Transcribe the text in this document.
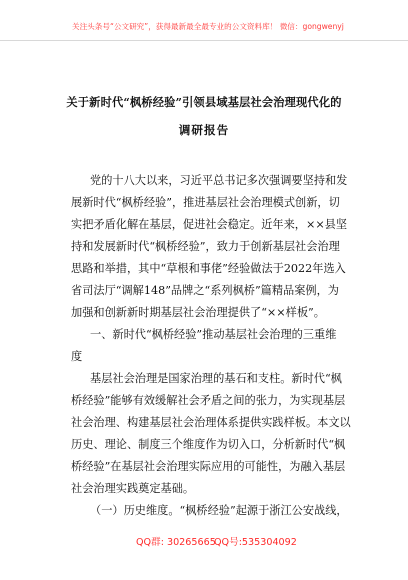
关注头条号“公文研究”，获得最新最全最专业的公文资料库！ 微信：gongwenyj
关于新时代“枫桥经验”引领县域基层社会治理现代化的
调研报告
党的十八大以来，习近平总书记多次强调要坚持和发
展新时代“枫桥经验”，推进基层社会治理模式创新，切
实把矛盾化解在基层，促进社会稳定。近年来，××县坚
持和发展新时代“枫桥经验”，致力于创新基层社会治理
思路和举措，其中“草根和事佬”经验做法于2022年选入
省司法厅“调解148”品牌之“系列枫桥”篇精品案例，为
加强和创新新时期基层社会治理提供了“××样板”。
一、新时代“枫桥经验”推动基层社会治理的三重维
度
基层社会治理是国家治理的基石和支柱。新时代“枫
桥经验”能够有效缓解社会矛盾之间的张力，为实现基层
社会治理、构建基层社会治理体系提供实践样板。本文以
历史、理论、制度三个维度作为切入口，分析新时代“枫
桥经验”在基层社会治理实际应用的可能性，为融入基层
社会治理实践奠定基础。
（一）历史维度。“枫桥经验”起源于浙江公安战线，
QQ群: 30265665
QQ号:535304092
